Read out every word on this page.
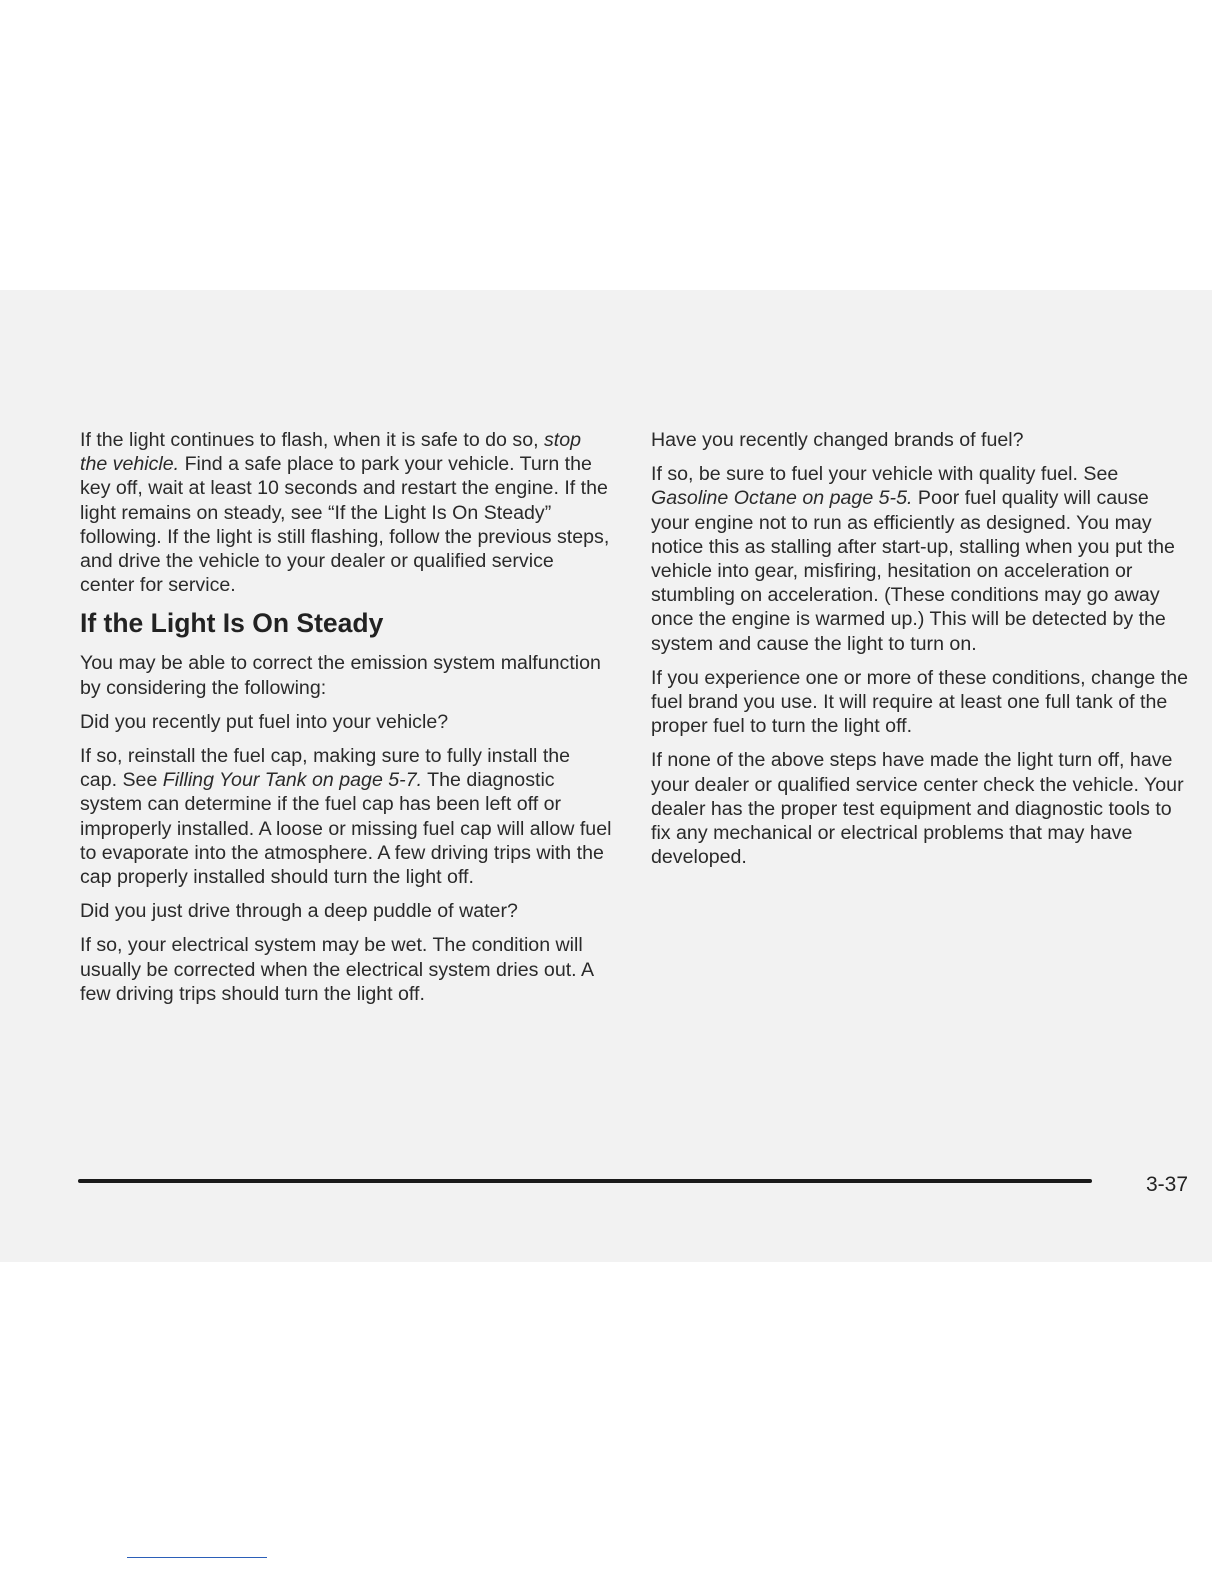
If the light continues to flash, when it is safe to do so, stop the vehicle. Find a safe place to park your vehicle. Turn the key off, wait at least 10 seconds and restart the engine. If the light remains on steady, see “If the Light Is On Steady” following. If the light is still flashing, follow the previous steps, and drive the vehicle to your dealer or qualified service center for service.

If the Light Is On Steady

You may be able to correct the emission system malfunction by considering the following:

Did you recently put fuel into your vehicle?

If so, reinstall the fuel cap, making sure to fully install the cap. See Filling Your Tank on page 5-7. The diagnostic system can determine if the fuel cap has been left off or improperly installed. A loose or missing fuel cap will allow fuel to evaporate into the atmosphere. A few driving trips with the cap properly installed should turn the light off.

Did you just drive through a deep puddle of water?

If so, your electrical system may be wet. The condition will usually be corrected when the electrical system dries out. A few driving trips should turn the light off.

Have you recently changed brands of fuel?

If so, be sure to fuel your vehicle with quality fuel. See Gasoline Octane on page 5-5. Poor fuel quality will cause your engine not to run as efficiently as designed. You may notice this as stalling after start-up, stalling when you put the vehicle into gear, misfiring, hesitation on acceleration or stumbling on acceleration. (These conditions may go away once the engine is warmed up.) This will be detected by the system and cause the light to turn on.

If you experience one or more of these conditions, change the fuel brand you use. It will require at least one full tank of the proper fuel to turn the light off.

If none of the above steps have made the light turn off, have your dealer or qualified service center check the vehicle. Your dealer has the proper test equipment and diagnostic tools to fix any mechanical or electrical problems that may have developed.

3-37
